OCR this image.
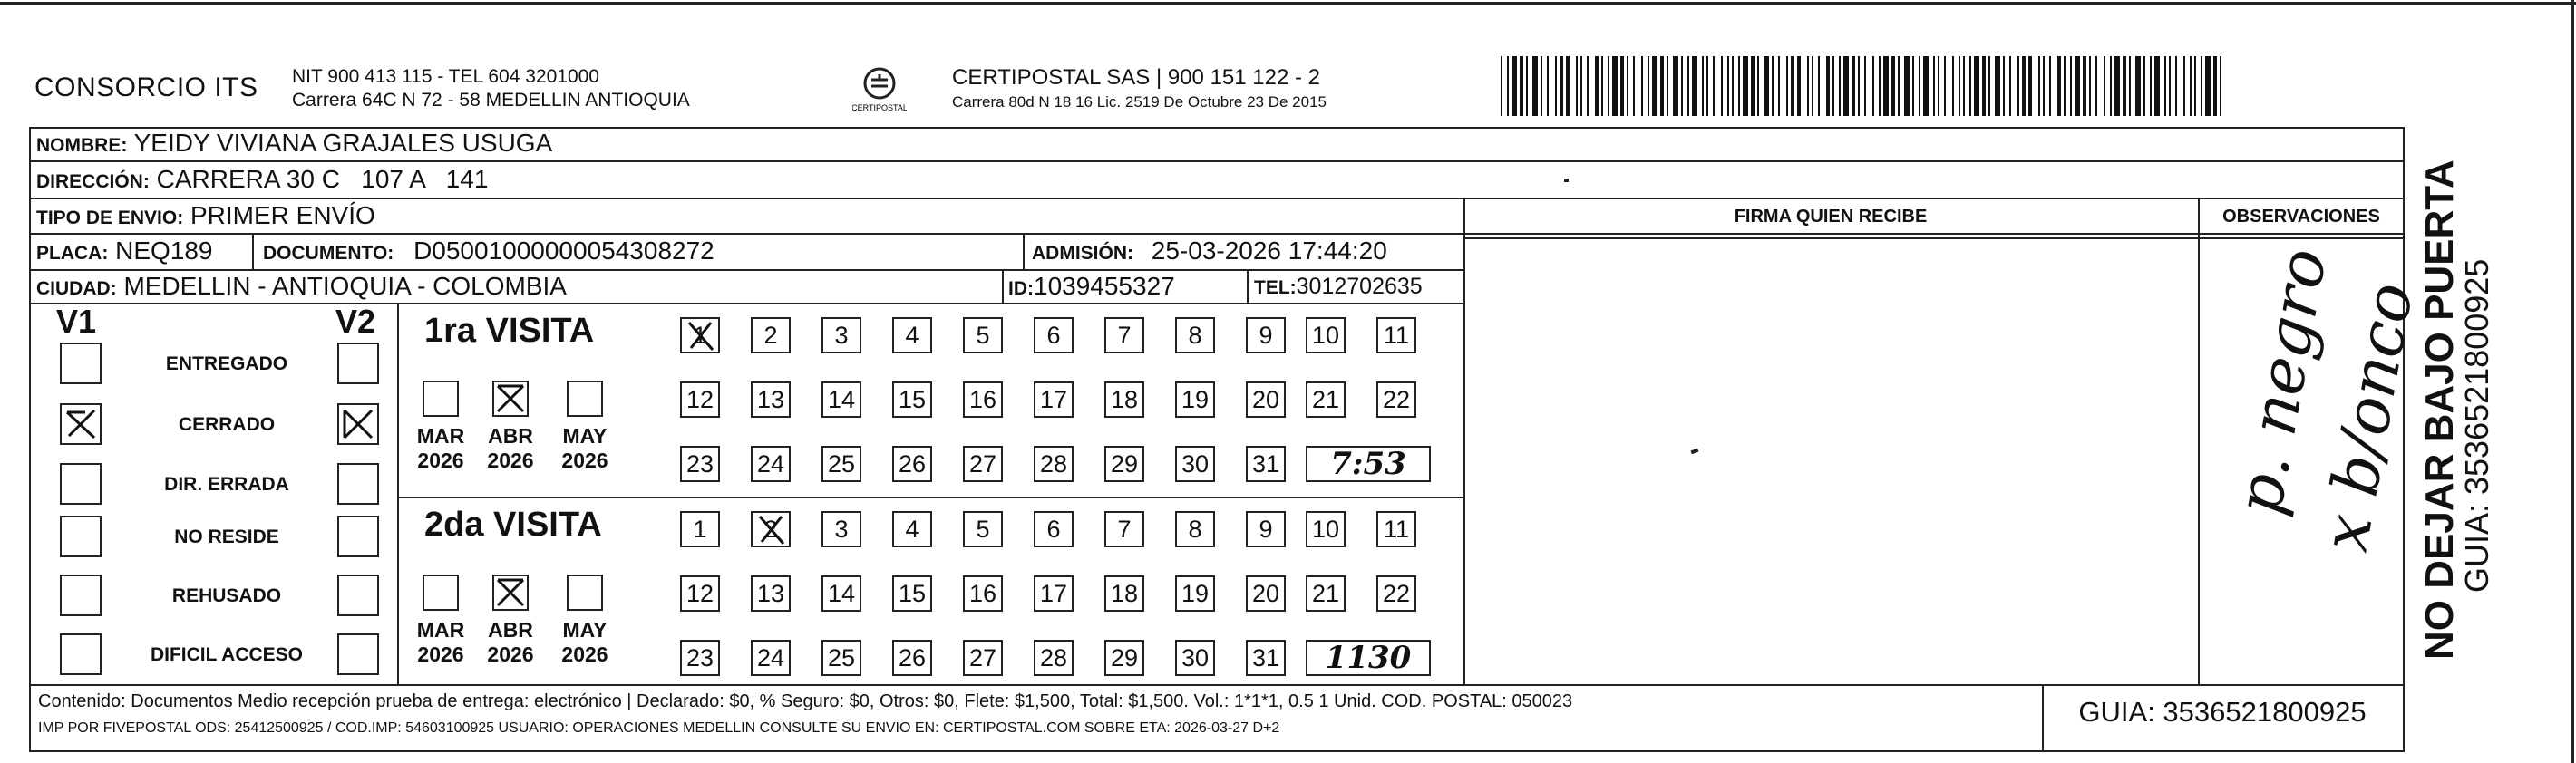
CONSORCIO ITS NIT 900 413 115 - TEL 604 3201000
Carrera 64C N 72 - 58 MEDELLIN ANTIOQUIA	CERTIPOSTAL
CERTIPOSTAL SAS | 900 151 122 - 2
Carrera 80d N 18 16 Lic. 2519 De Octubre 23 De 2015
NOMBRE: YEIDY VIVIANA GRAJALES USUGA
DIRECCIÓN: CARRERA 30 C   107 A   141
TIPO DE ENVIO: PRIMER ENVÍO	FIRMA QUIEN RECIBE	OBSERVACIONES
PLACA: NEQ189	DOCUMENTO: D05001000000054308272	ADMISIÓN: 25-03-2026 17:44:20
CIUDAD: MEDELLIN - ANTIOQUIA - COLOMBIA	ID:1039455327	TEL:3012702635
V1	V2
ENTREGADO
CERRADO
DIR. ERRADA
NO RESIDE
REHUSADO
DIFICIL ACCESO
1ra VISITA
MAR
2026
ABR
2026
MAY
2026
1	2	3	4	5	6	7	8	9	10 11
12 13 14 15 16 17 18 19 20 21 22
23 24 25 26 27 28 29 30 31	7:53
2da VISITA
MAR
2026
ABR
2026
MAY
2026
1	2	3	4	5	6	7	8	9	10 11
12 13 14 15 16 17 18 19 20 21 22
23 24 25 26 27 28 29 30 31	1130
p. negro
x b/onco
Contenido: Documentos Medio recepción prueba de entrega: electrónico | Declarado: $0, % Seguro: $0, Otros: $0, Flete: $1,500, Total: $1,500. Vol.: 1*1*1, 0.5 1 Unid. COD. POSTAL: 050023
IMP POR FIVEPOSTAL ODS: 25412500925 / COD.IMP: 54603100925 USUARIO: OPERACIONES MEDELLIN CONSULTE SU ENVIO EN: CERTIPOSTAL.COM SOBRE ETA: 2026-03-27 D+2
GUIA: 3536521800925
NO DEJAR BAJO PUERTA
GUIA: 3536521800925
